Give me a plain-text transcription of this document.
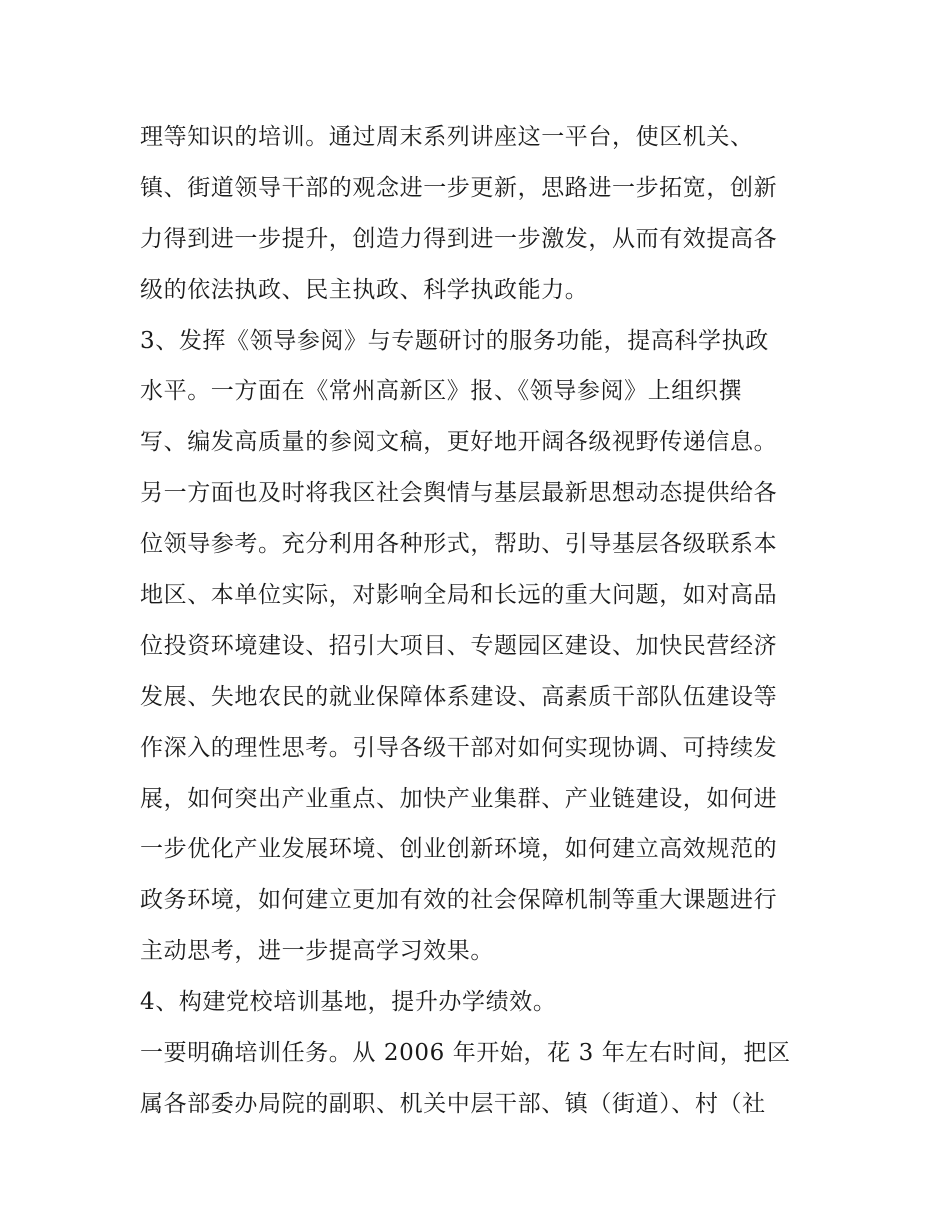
理等知识的培训。通过周末系列讲座这一平台，使区机关、
镇、街道领导干部的观念进一步更新，思路进一步拓宽，创新
力得到进一步提升，创造力得到进一步激发，从而有效提高各
级的依法执政、民主执政、科学执政能力。
3、发挥《领导参阅》与专题研讨的服务功能，提高科学执政
水平。一方面在《常州高新区》报、《领导参阅》上组织撰
写、编发高质量的参阅文稿，更好地开阔各级视野传递信息。
另一方面也及时将我区社会舆情与基层最新思想动态提供给各
位领导参考。充分利用各种形式，帮助、引导基层各级联系本
地区、本单位实际，对影响全局和长远的重大问题，如对高品
位投资环境建设、招引大项目、专题园区建设、加快民营经济
发展、失地农民的就业保障体系建设、高素质干部队伍建设等
作深入的理性思考。引导各级干部对如何实现协调、可持续发
展，如何突出产业重点、加快产业集群、产业链建设，如何进
一步优化产业发展环境、创业创新环境，如何建立高效规范的
政务环境，如何建立更加有效的社会保障机制等重大课题进行
主动思考，进一步提高学习效果。
4、构建党校培训基地，提升办学绩效。
一要明确培训任务。从 2006 年开始，花 3 年左右时间，把区
属各部委办局院的副职、机关中层干部、镇（街道）、村（社
